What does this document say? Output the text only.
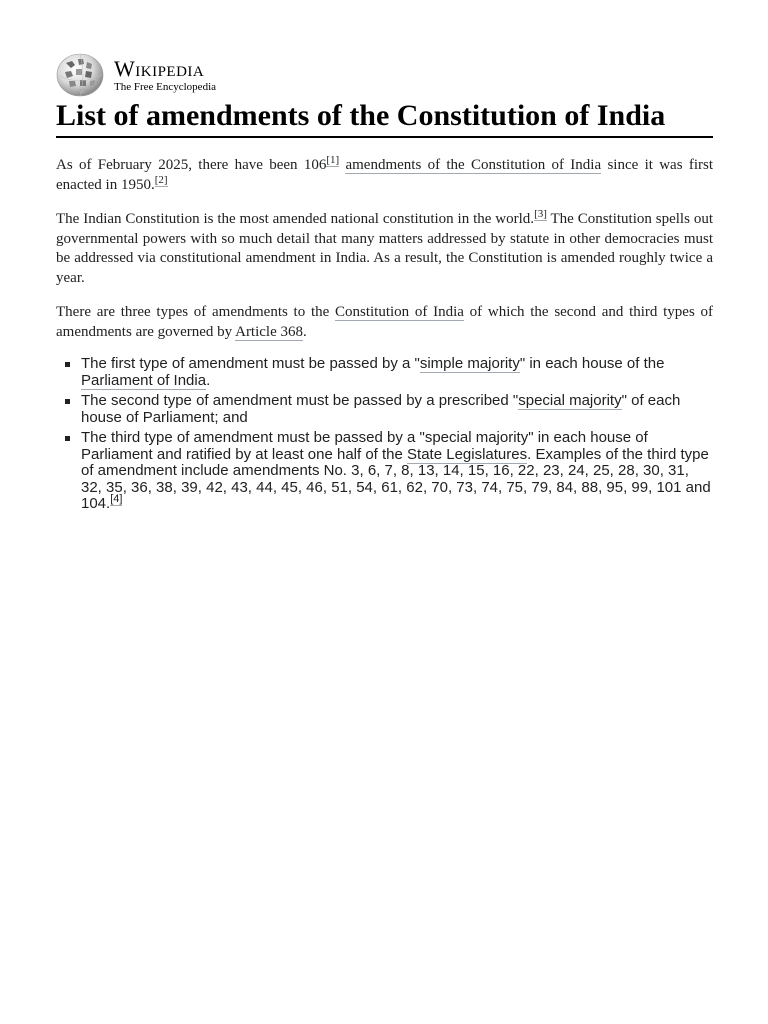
Wikipedia
The Free Encyclopedia
List of amendments of the Constitution of India

As of February 2025, there have been 106[1] amendments of the Constitution of India since it was first enacted in 1950.[2]

The Indian Constitution is the most amended national constitution in the world.[3] The Constitution spells out governmental powers with so much detail that many matters addressed by statute in other democracies must be addressed via constitutional amendment in India. As a result, the Constitution is amended roughly twice a year.

There are three types of amendments to the Constitution of India of which the second and third types of amendments are governed by Article 368.

The first type of amendment must be passed by a "simple majority" in each house of the Parliament of India.
The second type of amendment must be passed by a prescribed "special majority" of each house of Parliament; and
The third type of amendment must be passed by a "special majority" in each house of Parliament and ratified by at least one half of the State Legislatures. Examples of the third type of amendment include amendments No. 3, 6, 7, 8, 13, 14, 15, 16, 22, 23, 24, 25, 28, 30, 31, 32, 35, 36, 38, 39, 42, 43, 44, 45, 46, 51, 54, 61, 62, 70, 73, 74, 75, 79, 84, 88, 95, 99, 101 and 104.[4]
